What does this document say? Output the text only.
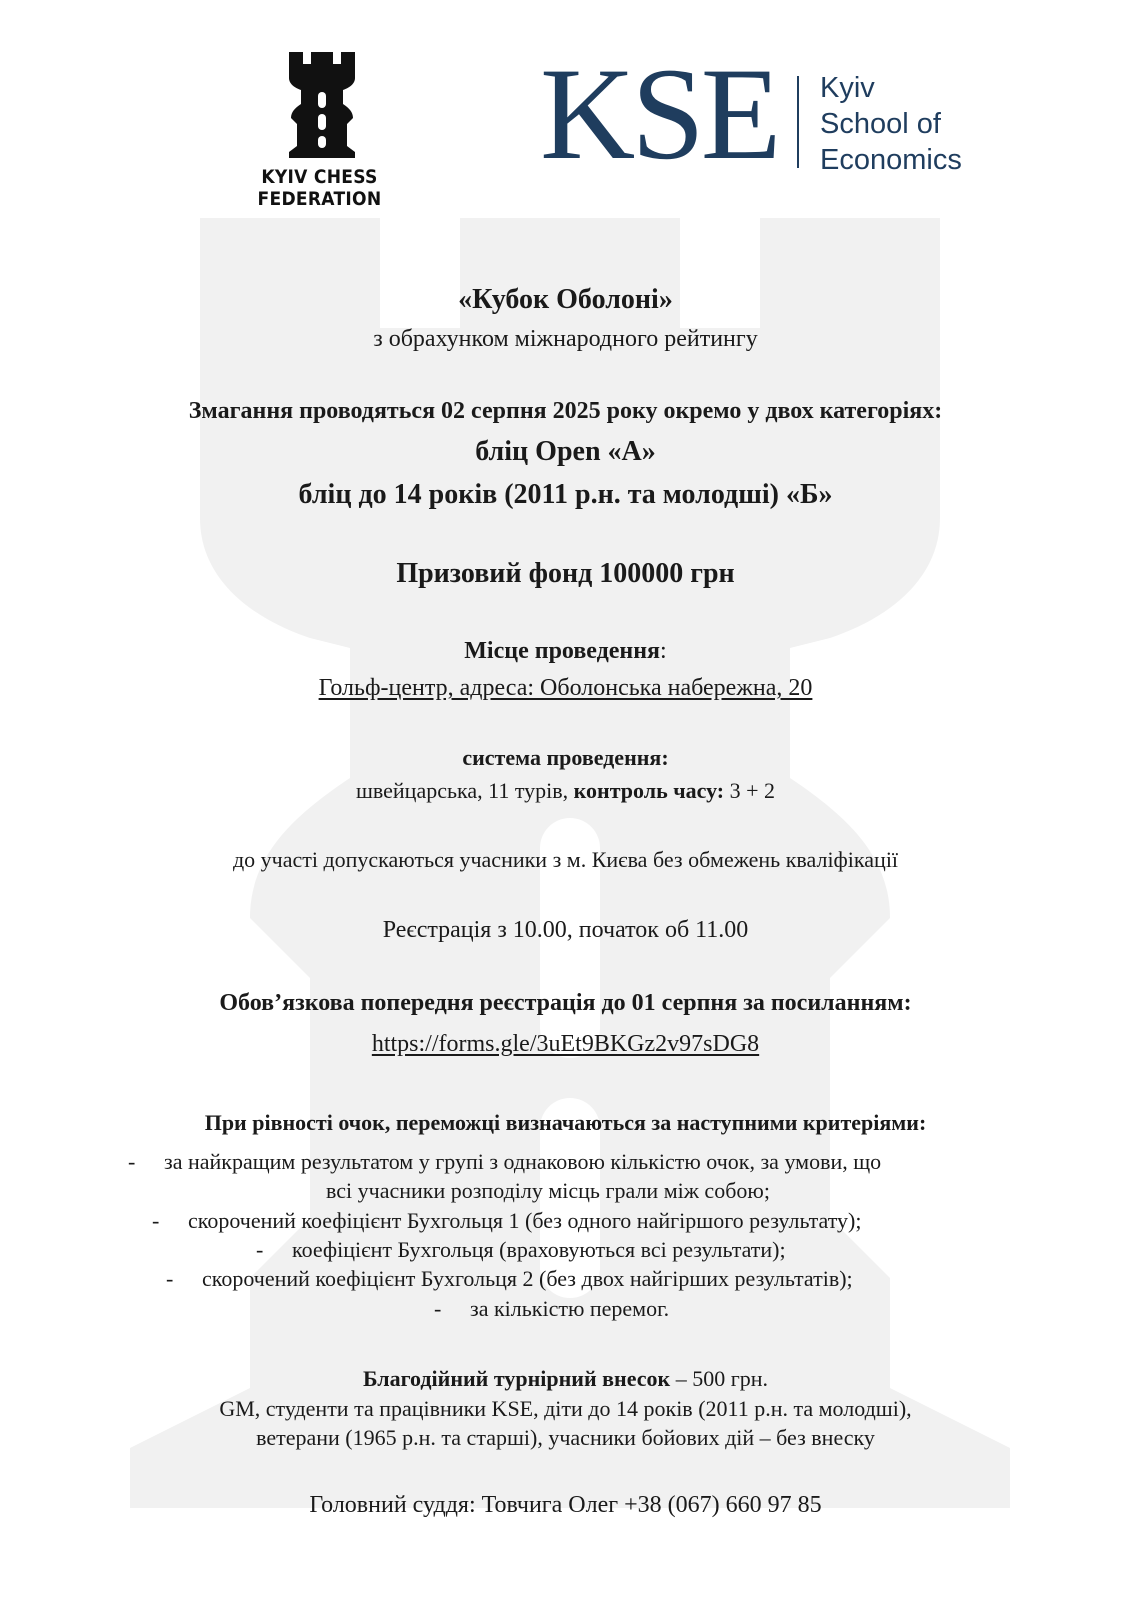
KYIV CHESS FEDERATION
KSE Kyiv
School of
Economics
«Кубок Оболоні»
з обрахунком міжнародного рейтингу
Змагання проводяться 02 серпня 2025 року окремо у двох категоріях:
бліц Open «А»
бліц до 14 років (2011 р.н. та молодші) «Б»
Призовий фонд 100000 грн
Місце проведення:
Гольф-центр, адреса: Оболонська набережна, 20
система проведення:
швейцарська, 11 турів, контроль часу: 3 + 2
до участі допускаються учасники з м. Києва без обмежень кваліфікації
Реєстрація з 10.00, початок об 11.00
Обов’язкова попередня реєстрація до 01 серпня за посиланням:
https://forms.gle/3uEt9BKGz2v97sDG8
При рівності очок, переможці визначаються за наступними критеріями:
- за найкращим результатом у групі з однаковою кількістю очок, за умови, що
всі учасники розподілу місць грали між собою;
- скорочений коефіцієнт Бухгольця 1 (без одного найгіршого результату);
- коефіцієнт Бухгольця (враховуються всі результати);
- скорочений коефіцієнт Бухгольця 2 (без двох найгірших результатів);
- за кількістю перемог.
Благодійний турнірний внесок – 500 грн.
GM, студенти та працівники KSE, діти до 14 років (2011 р.н. та молодші),
ветерани (1965 р.н. та старші), учасники бойових дій – без внеску
Головний суддя: Товчига Олег +38 (067) 660 97 85
